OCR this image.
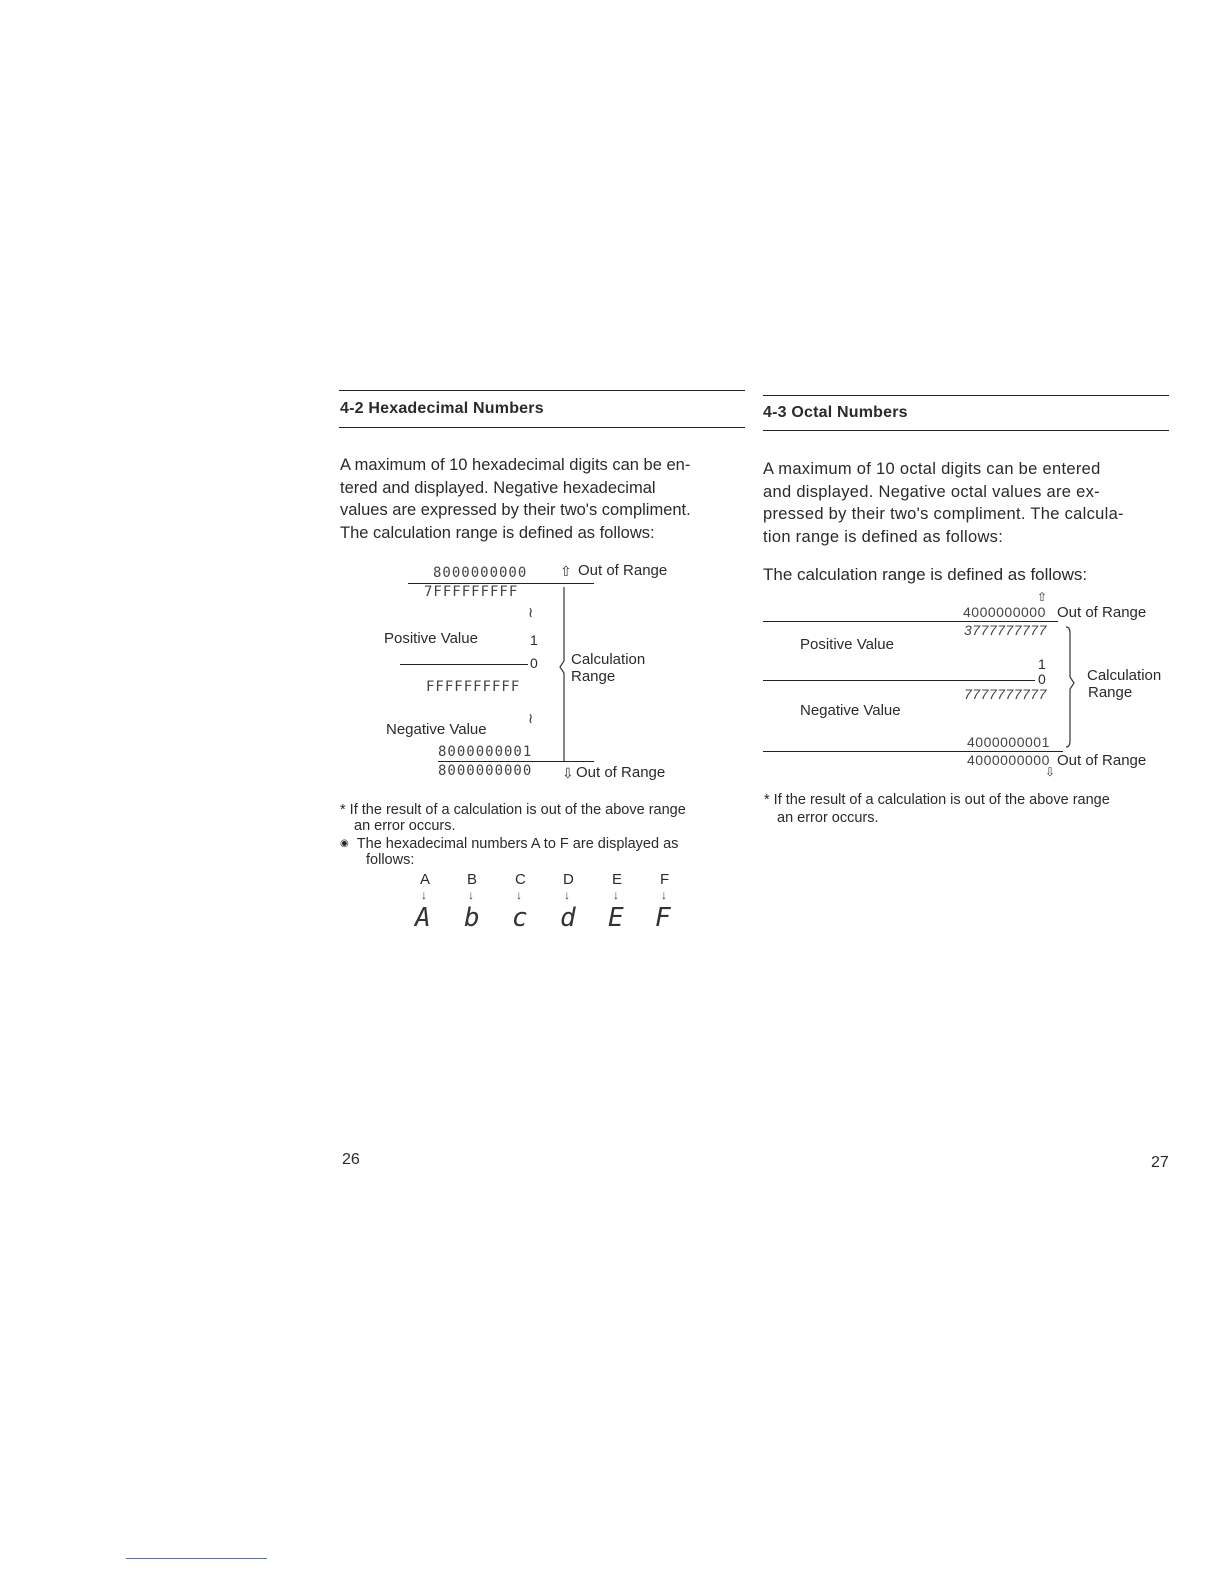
4-2 Hexadecimal Numbers

A maximum of 10 hexadecimal digits can be en-

tered and displayed. Negative hexadecimal

values are expressed by their two's compliment.

The calculation range is defined as follows:

8000000000 ⇧ Out of Range
7FFFFFFFFF
≀
Positive Value	1
0 Calculation
Range
FFFFFFFFFF
≀
Negative Value
8000000001
8000000000 ⇩ Out of Range

* If the result of a calculation is out of the above range

an error occurs.

◉ The hexadecimal numbers A to F are displayed as

follows:

A B	C D	E	F
↓	↓	↓	↓	↓	↓
A b c d E F
26
4-3 Octal Numbers

A maximum of 10 octal digits can be entered

and displayed. Negative octal values are ex-

pressed by their two's compliment. The calcula-

tion range is defined as follows:

The calculation range is defined as follows:
⇧
4000000000 Out of Range
3777777777
Positive Value
1
0	Calculation
Range
7777777777
Negative Value
4000000001
4000000000 Out of Range
⇩

* If the result of a calculation is out of the above range

an error occurs.

27
